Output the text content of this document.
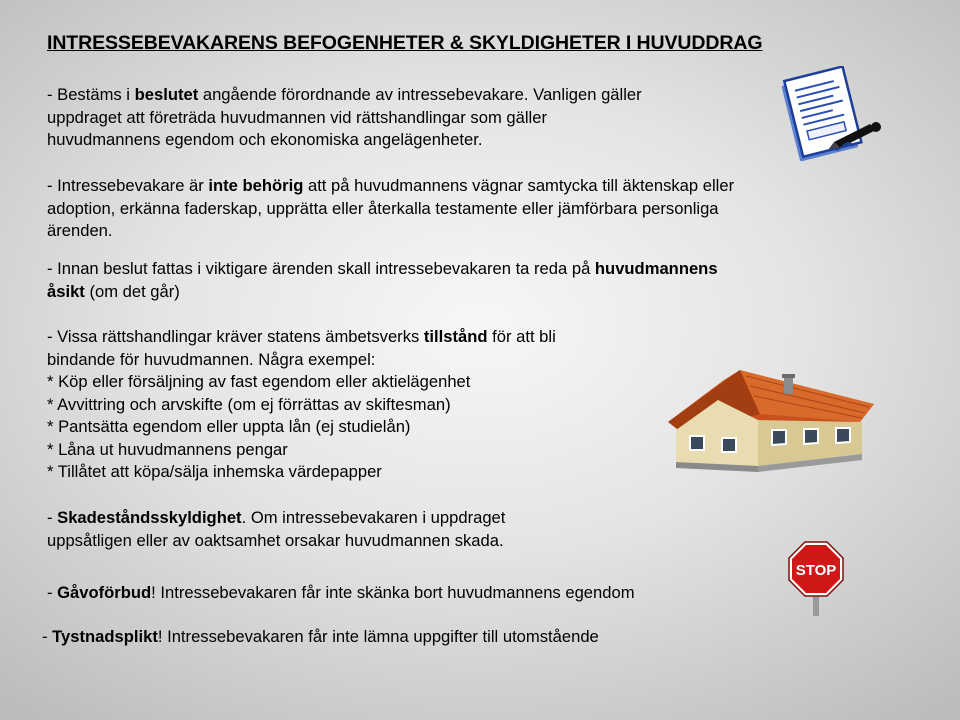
INTRESSEBEVAKARENS BEFOGENHETER & SKYLDIGHETER I HUVUDDRAG
- Bestäms i beslutet angående förordnande av intressebevakare. Vanligen gäller
uppdraget att företräda huvudmannen vid rättshandlingar som gäller
huvudmannens egendom och ekonomiska angelägenheter.
- Intressebevakare är inte behörig att på huvudmannens vägnar samtycka till äktenskap eller
adoption, erkänna faderskap, upprätta eller återkalla testamente eller jämförbara personliga
ärenden.
- Innan beslut fattas i viktigare ärenden skall intressebevakaren ta reda på huvudmannens
åsikt (om det går)
- Vissa rättshandlingar kräver statens ämbetsverks tillstånd för att bli
bindande för huvudmannen. Några exempel:
* Köp eller försäljning av fast egendom eller aktielägenhet
* Avvittring och arvskifte (om ej förrättas av skiftesman)
* Pantsätta egendom eller uppta lån (ej studielån)
* Låna ut huvudmannens pengar
* Tillåtet att köpa/sälja inhemska värdepapper
- Skadeståndsskyldighet. Om intressebevakaren i uppdraget
uppsåtligen eller av oaktsamhet orsakar huvudmannen skada.
- Gåvoförbud! Intressebevakaren får inte skänka bort huvudmannens egendom
- Tystnadsplikt! Intressebevakaren får inte lämna uppgifter till utomstående
STOP
